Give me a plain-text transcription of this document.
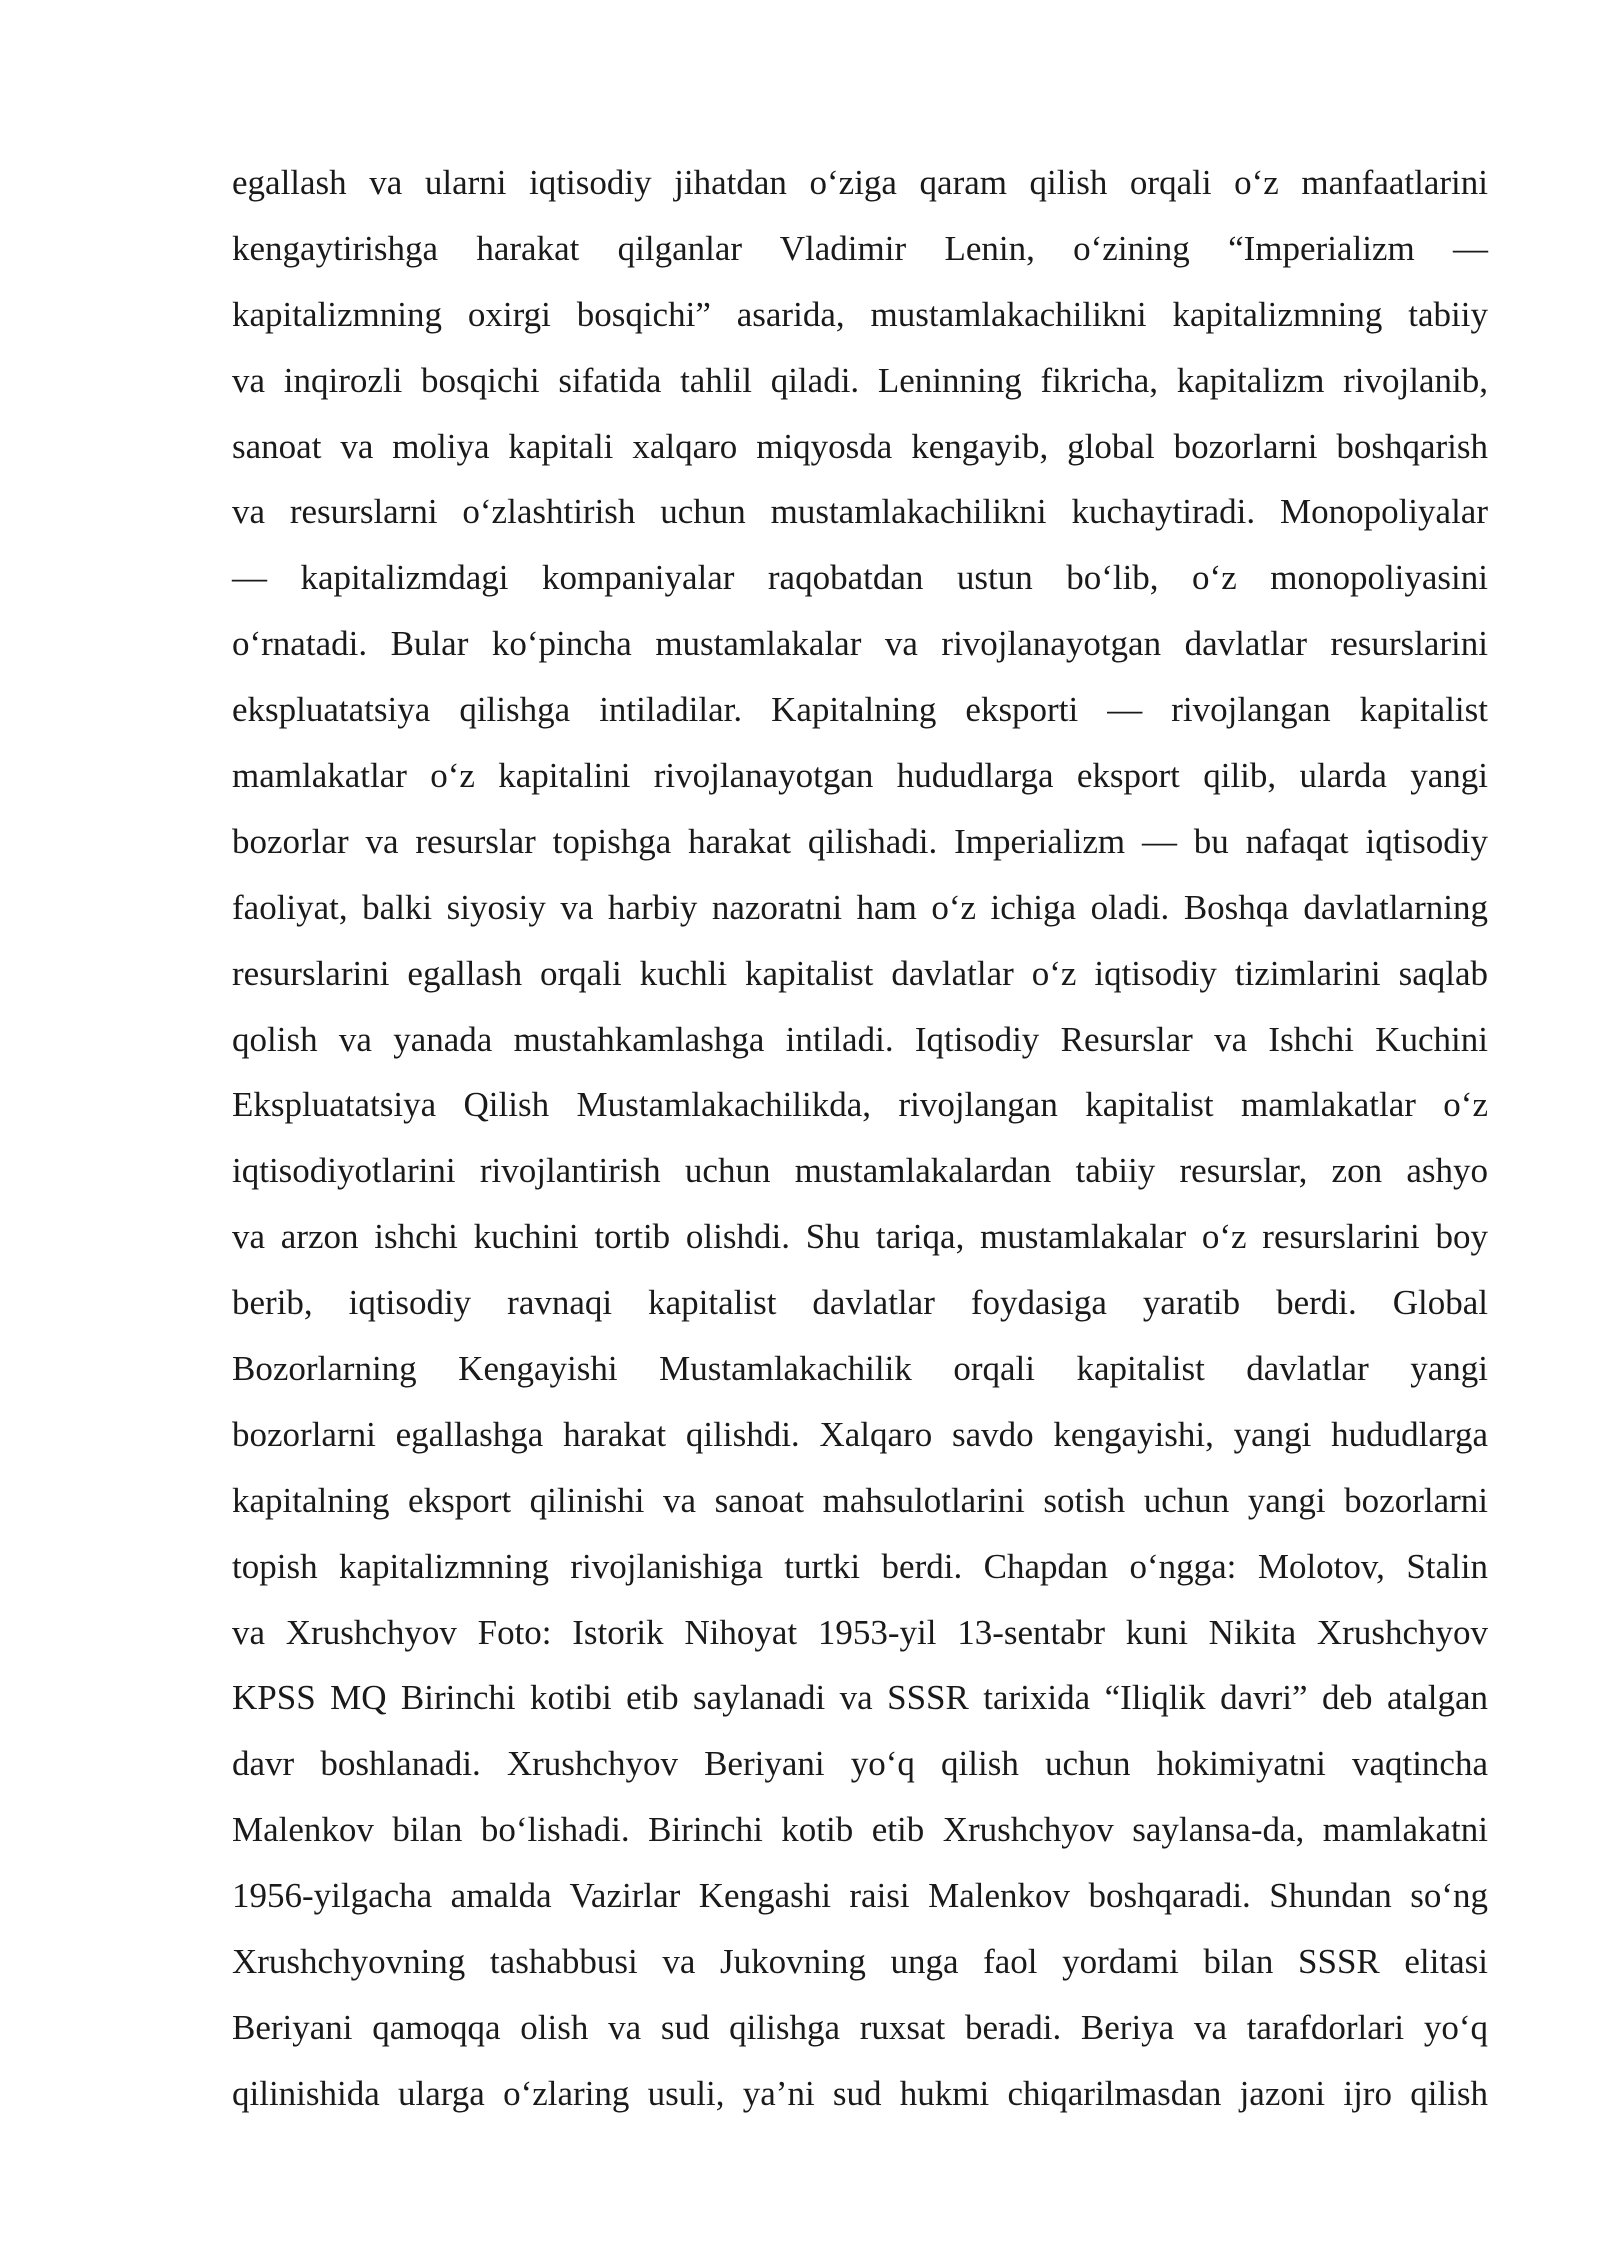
egallash va ularni iqtisodiy jihatdan o‘ziga qaram qilish orqali o‘z manfaatlarini
kengaytirishga harakat qilganlar Vladimir Lenin, o‘zining “Imperializm —
kapitalizmning oxirgi bosqichi” asarida, mustamlakachilikni kapitalizmning tabiiy
va inqirozli bosqichi sifatida tahlil qiladi. Leninning fikricha, kapitalizm rivojlanib,
sanoat va moliya kapitali xalqaro miqyosda kengayib, global bozorlarni boshqarish
va resurslarni o‘zlashtirish uchun mustamlakachilikni kuchaytiradi. Monopoliyalar
— kapitalizmdagi kompaniyalar raqobatdan ustun bo‘lib, o‘z monopoliyasini
o‘rnatadi. Bular ko‘pincha mustamlakalar va rivojlanayotgan davlatlar resurslarini
ekspluatatsiya qilishga intiladilar. Kapitalning eksporti — rivojlangan kapitalist
mamlakatlar o‘z kapitalini rivojlanayotgan hududlarga eksport qilib, ularda yangi
bozorlar va resurslar topishga harakat qilishadi. Imperializm — bu nafaqat iqtisodiy
faoliyat, balki siyosiy va harbiy nazoratni ham o‘z ichiga oladi. Boshqa davlatlarning
resurslarini egallash orqali kuchli kapitalist davlatlar o‘z iqtisodiy tizimlarini saqlab
qolish va yanada mustahkamlashga intiladi. Iqtisodiy Resurslar va Ishchi Kuchini
Ekspluatatsiya Qilish Mustamlakachilikda, rivojlangan kapitalist mamlakatlar o‘z
iqtisodiyotlarini rivojlantirish uchun mustamlakalardan tabiiy resurslar, zon ashyo
va arzon ishchi kuchini tortib olishdi. Shu tariqa, mustamlakalar o‘z resurslarini boy
berib, iqtisodiy ravnaqi kapitalist davlatlar foydasiga yaratib berdi. Global
Bozorlarning Kengayishi Mustamlakachilik orqali kapitalist davlatlar yangi
bozorlarni egallashga harakat qilishdi. Xalqaro savdo kengayishi, yangi hududlarga
kapitalning eksport qilinishi va sanoat mahsulotlarini sotish uchun yangi bozorlarni
topish kapitalizmning rivojlanishiga turtki berdi. Chapdan o‘ngga: Molotov, Stalin
va Xrushchyov Foto: Istorik Nihoyat 1953-yil 13-sentabr kuni Nikita Xrushchyov
KPSS MQ Birinchi kotibi etib saylanadi va SSSR tarixida “Iliqlik davri” deb atalgan
davr boshlanadi. Xrushchyov Beriyani yo‘q qilish uchun hokimiyatni vaqtincha
Malenkov bilan bo‘lishadi. Birinchi kotib etib Xrushchyov saylansa-da, mamlakatni
1956-yilgacha amalda Vazirlar Kengashi raisi Malenkov boshqaradi. Shundan so‘ng
Xrushchyovning tashabbusi va Jukovning unga faol yordami bilan SSSR elitasi
Beriyani qamoqqa olish va sud qilishga ruxsat beradi. Beriya va tarafdorlari yo‘q
qilinishida ularga o‘zlaring usuli, ya’ni sud hukmi chiqarilmasdan jazoni ijro qilish
